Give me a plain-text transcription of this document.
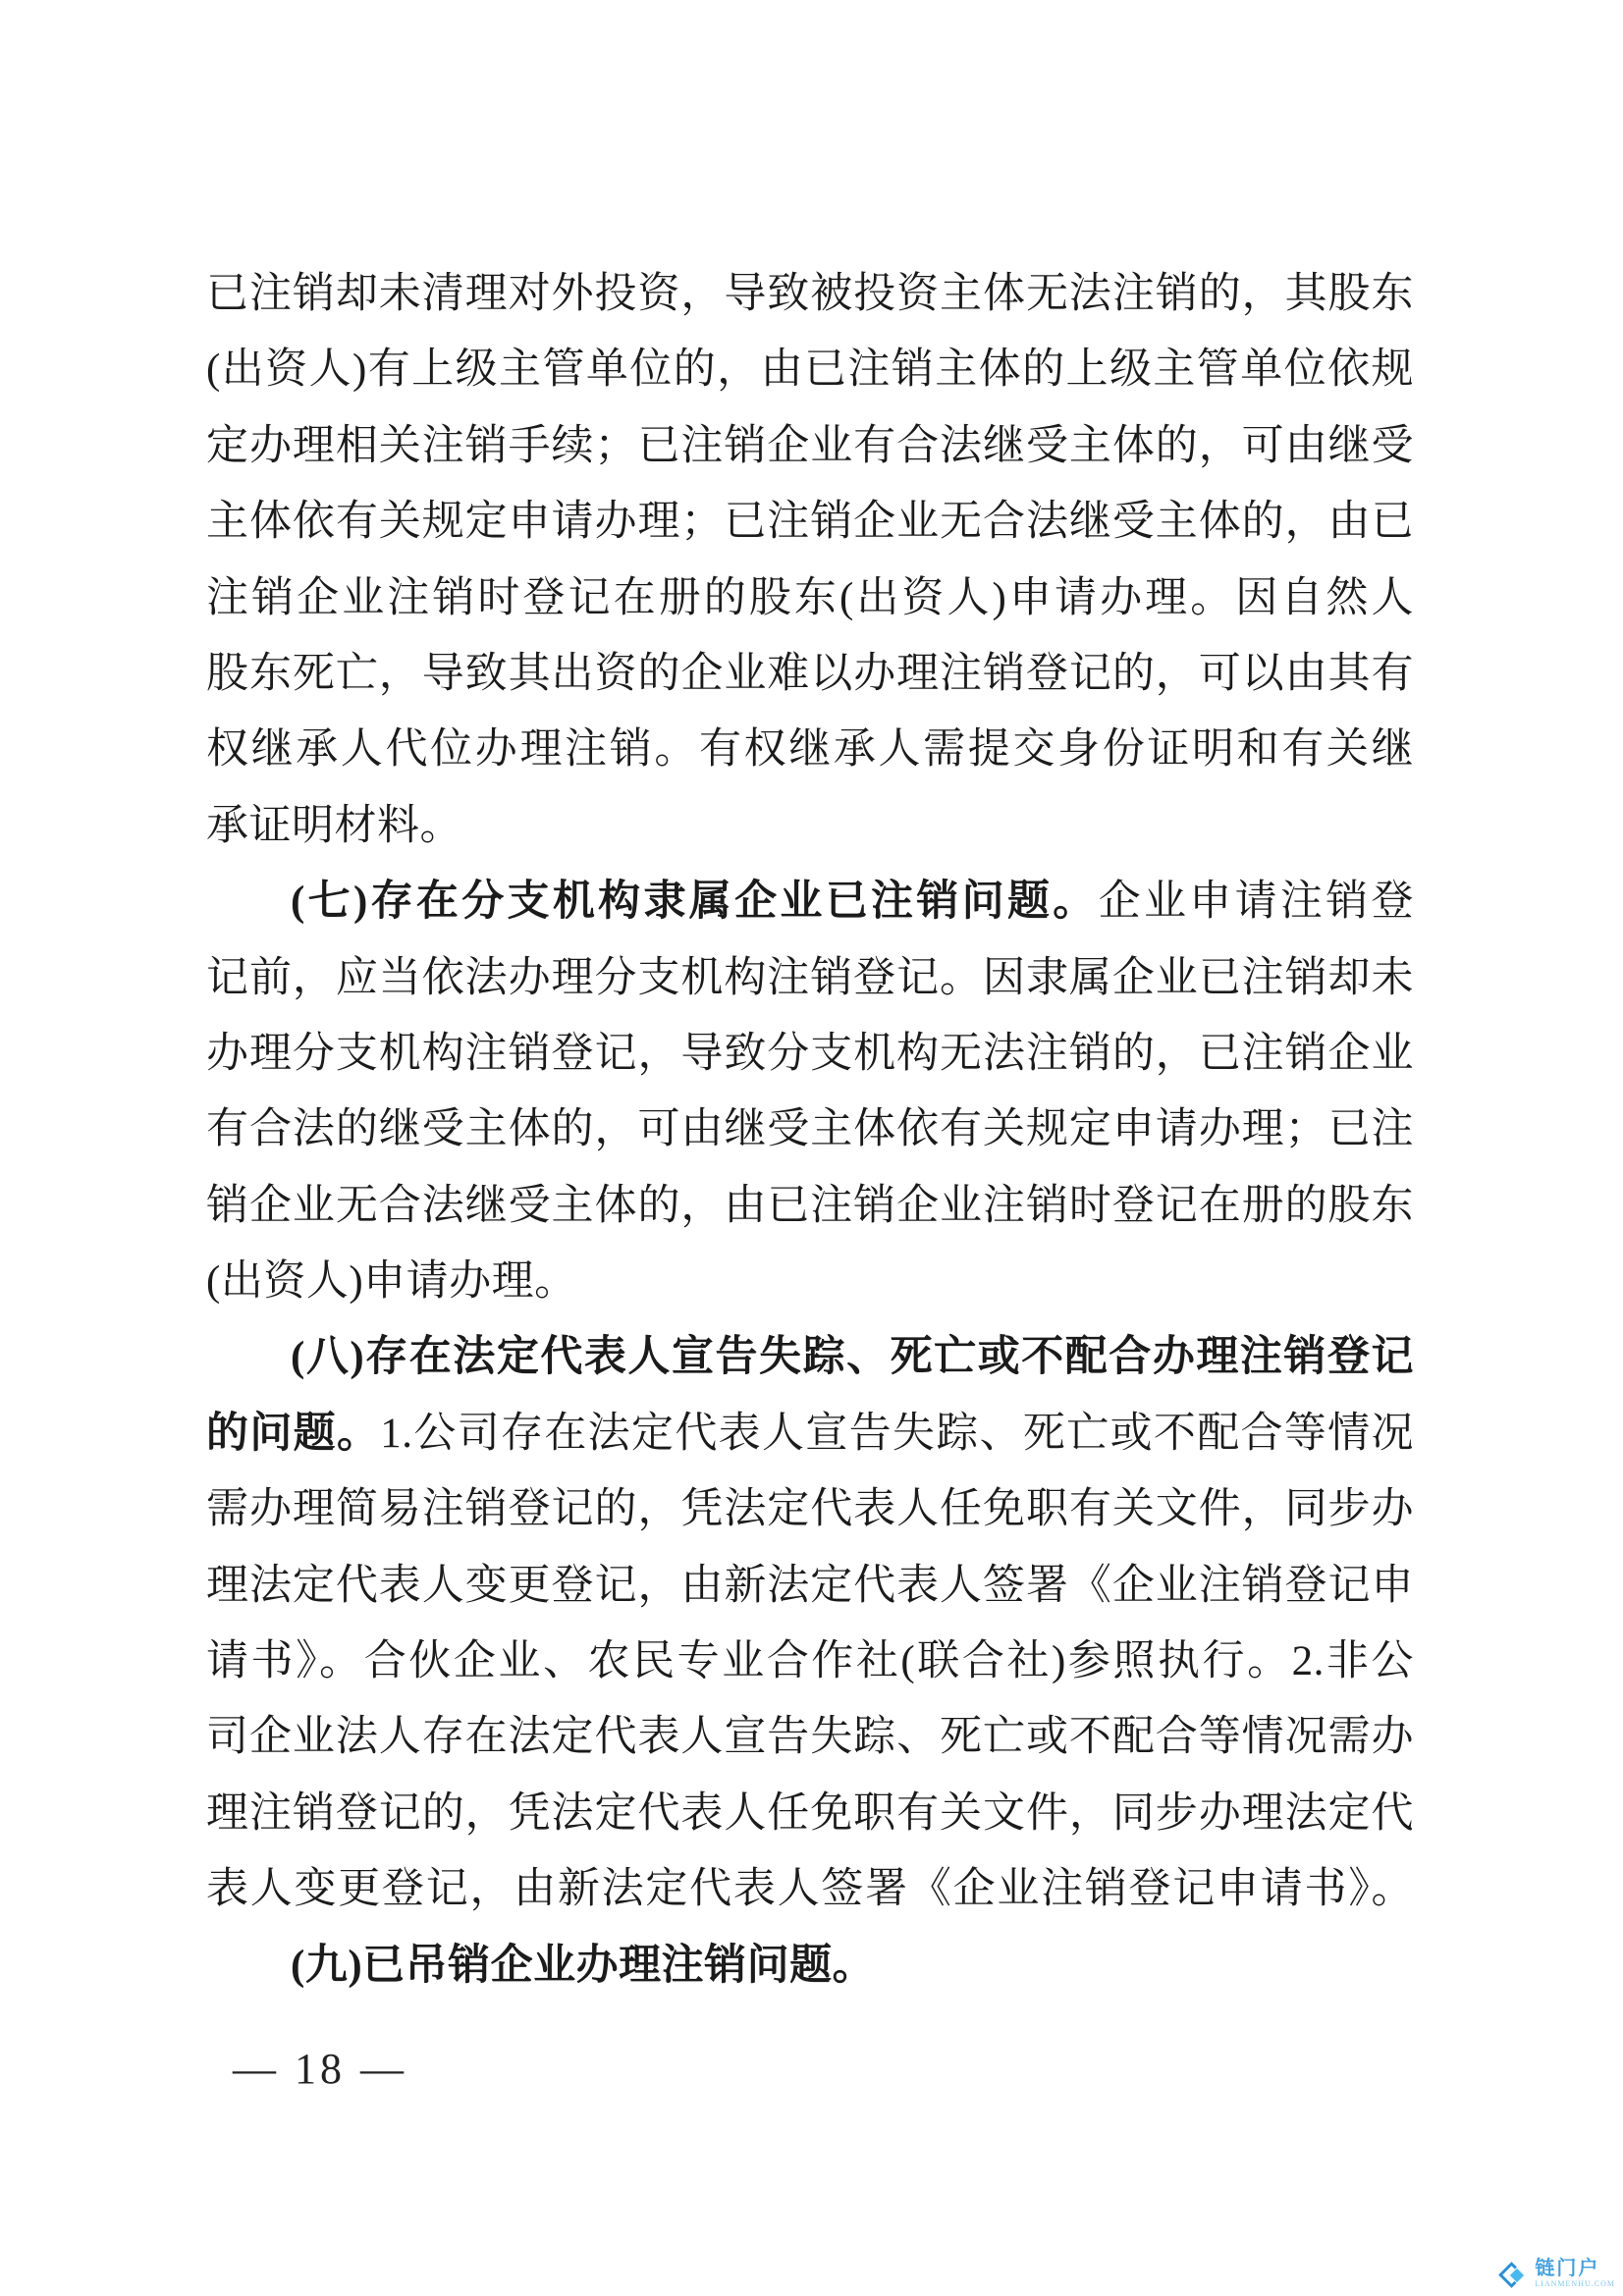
已注销却未清理对外投资，导致被投资主体无法注销的，其股东
(出资人)有上级主管单位的，由已注销主体的上级主管单位依规
定办理相关注销手续；已注销企业有合法继受主体的，可由继受
主体依有关规定申请办理；已注销企业无合法继受主体的，由已
注销企业注销时登记在册的股东(出资人)申请办理。因自然人
股东死亡，导致其出资的企业难以办理注销登记的，可以由其有
权继承人代位办理注销。有权继承人需提交身份证明和有关继
承证明材料。
(七)存在分支机构隶属企业已注销问题。企业申请注销登
记前，应当依法办理分支机构注销登记。因隶属企业已注销却未
办理分支机构注销登记，导致分支机构无法注销的，已注销企业
有合法的继受主体的，可由继受主体依有关规定申请办理；已注
销企业无合法继受主体的，由已注销企业注销时登记在册的股东
(出资人)申请办理。
(八)存在法定代表人宣告失踪、死亡或不配合办理注销登记
的问题。1.公司存在法定代表人宣告失踪、死亡或不配合等情况
需办理简易注销登记的，凭法定代表人任免职有关文件，同步办
理法定代表人变更登记，由新法定代表人签署《企业注销登记申
请书》。合伙企业、农民专业合作社(联合社)参照执行。2.非公
司企业法人存在法定代表人宣告失踪、死亡或不配合等情况需办
理注销登记的，凭法定代表人任免职有关文件，同步办理法定代
表人变更登记，由新法定代表人签署《企业注销登记申请书》。
(九)已吊销企业办理注销问题。
— 18 —
链门户
LIANMENHU.COM
